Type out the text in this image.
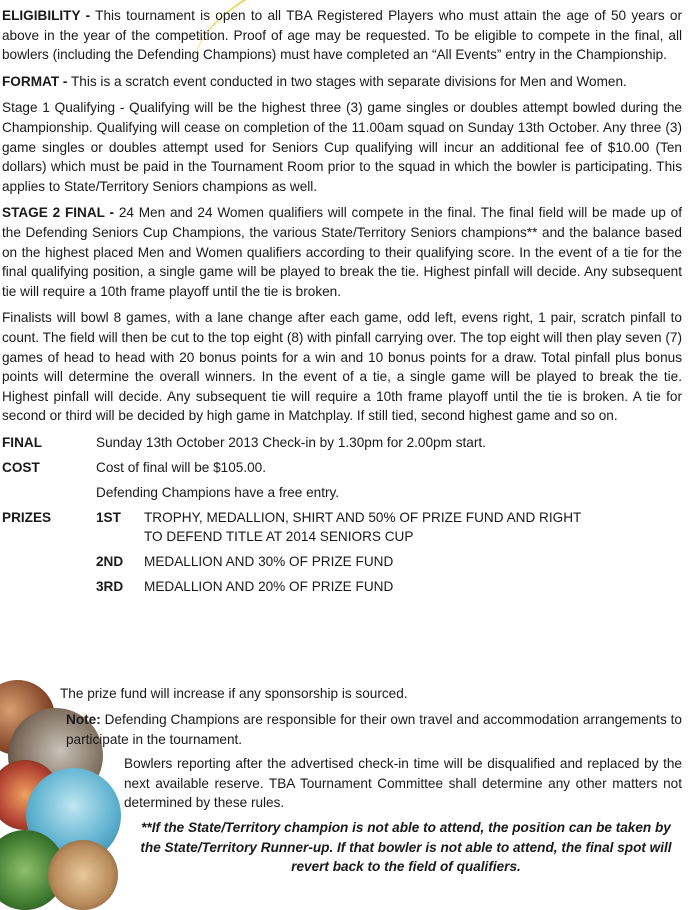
ELIGIBILITY - This tournament is open to all TBA Registered Players who must attain the age of 50 years or above in the year of the competition. Proof of age may be requested. To be eligible to compete in the final, all bowlers (including the Defending Champions) must have completed an “All Events” entry in the Championship.

FORMAT - This is a scratch event conducted in two stages with separate divisions for Men and Women.

Stage 1 Qualifying - Qualifying will be the highest three (3) game singles or doubles attempt bowled during the Championship. Qualifying will cease on completion of the 11.00am squad on Sunday 13th October. Any three (3) game singles or doubles attempt used for Seniors Cup qualifying will incur an additional fee of $10.00 (Ten dollars) which must be paid in the Tournament Room prior to the squad in which the bowler is participating. This applies to State/Territory Seniors champions as well.

STAGE 2 FINAL - 24 Men and 24 Women qualifiers will compete in the final. The final field will be made up of the Defending Seniors Cup Champions, the various State/Territory Seniors champions** and the balance based on the highest placed Men and Women qualifiers according to their qualifying score. In the event of a tie for the final qualifying position, a single game will be played to break the tie. Highest pinfall will decide. Any subsequent tie will require a 10th frame playoff until the tie is broken.

Finalists will bowl 8 games, with a lane change after each game, odd left, evens right, 1 pair, scratch pinfall to count. The field will then be cut to the top eight (8) with pinfall carrying over. The top eight will then play seven (7) games of head to head with 20 bonus points for a win and 10 bonus points for a draw. Total pinfall plus bonus points will determine the overall winners. In the event of a tie, a single game will be played to break the tie. Highest pinfall will decide. Any subsequent tie will require a 10th frame playoff until the tie is broken. A tie for second or third will be decided by high game in Matchplay. If still tied, second highest game and so on.

FINAL	Sunday 13th October 2013 Check-in by 1.30pm for 2.00pm start.
COST	Cost of final will be $105.00.
Defending Champions have a free entry.
PRIZES	1ST TROPHY, MEDALLION, SHIRT AND 50% OF PRIZE FUND AND RIGHT TO DEFEND TITLE AT 2014 SENIORS CUP
2ND MEDALLION AND 30% OF PRIZE FUND
3RD MEDALLION AND 20% OF PRIZE FUND
The prize fund will increase if any sponsorship is sourced.

Note: Defending Champions are responsible for their own travel and accommodation arrangements to participate in the tournament.

Bowlers reporting after the advertised check-in time will be disqualified and replaced by the next available reserve. TBA Tournament Committee shall determine any other matters not determined by these rules.

**If the State/Territory champion is not able to attend, the position can be taken by the State/Territory Runner-up. If that bowler is not able to attend, the final spot will revert back to the field of qualifiers.
